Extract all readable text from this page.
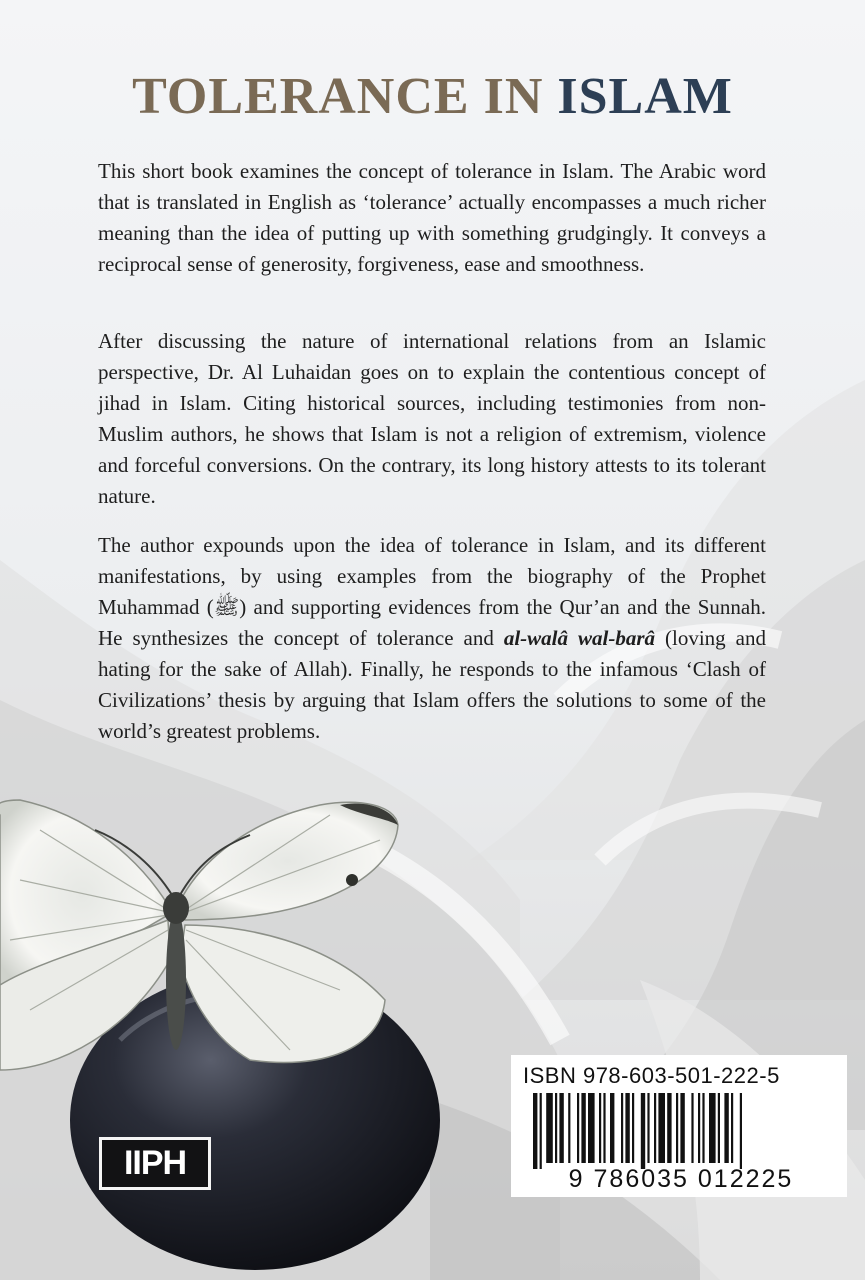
TOLERANCE IN ISLAM

This short book examines the concept of tolerance in Islam. The Arabic word that is translated in English as ‘tolerance’ actually encompasses a much richer meaning than the idea of putting up with something grudgingly. It conveys a reciprocal sense of generosity, forgiveness, ease and smoothness.

After discussing the nature of international relations from an Islamic perspective, Dr. Al Luhaidan goes on to explain the contentious concept of jihad in Islam. Citing historical sources, including testimonies from non-Muslim authors, he shows that Islam is not a religion of extremism, violence and forceful conversions. On the contrary, its long history attests to its tolerant nature.

The author expounds upon the idea of tolerance in Islam, and its different manifestations, by using examples from the biography of the Prophet Muhammad (ﷺ) and supporting evidences from the Qur’an and the Sunnah. He synthesizes the concept of tolerance and al-walâ wal-barâ (loving and hating for the sake of Allah). Finally, he responds to the infamous ‘Clash of Civilizations’ thesis by arguing that Islam offers the solutions to some of the world’s greatest problems.

ISBN 978-603-501-222-5

9 786035 012225

IIPH
